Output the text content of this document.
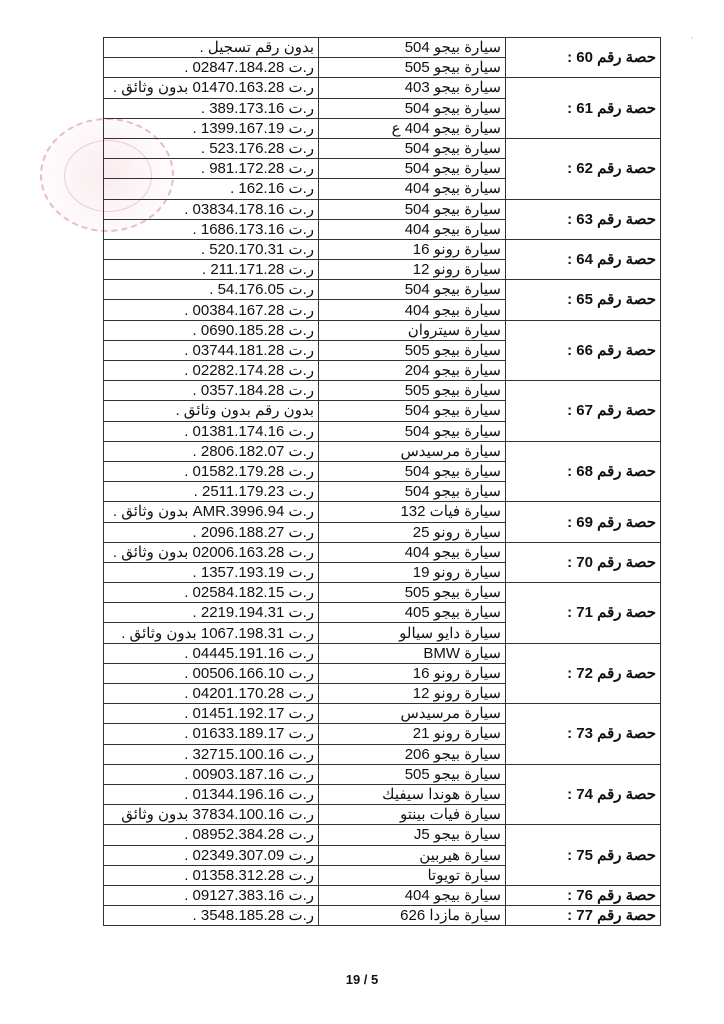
·
حصة رقم 60 :	سيارة بيجو 504	بدون رقم تسجيل .
	سيارة بيجو 505	ر.ت 02847.184.28 .
حصة رقم 61 :	سيارة بيجو 403	ر.ت 01470.163.28 بدون وثائق .
	سيارة بيجو 504	ر.ت 389.173.16 .
	سيارة بيجو 404 ع	ر.ت 1399.167.19 .
حصة رقم 62 :	سيارة بيجو 504	ر.ت 523.176.28 .
	سيارة بيجو 504	ر.ت 981.172.28 .
	سيارة بيجو 404	ر.ت 162.16 .
حصة رقم 63 :	سيارة بيجو 504	ر.ت 03834.178.16 .
	سيارة بيجو 404	ر.ت 1686.173.16 .
حصة رقم 64 :	سيارة رونو 16	ر.ت 520.170.31 .
	سيارة رونو 12	ر.ت 211.171.28 .
حصة رقم 65 :	سيارة بيجو 504	ر.ت 54.176.05 .
	سيارة بيجو 404	ر.ت 00384.167.28 .
حصة رقم 66 :	سيارة سيتروان	ر.ت 0690.185.28 .
	سيارة بيجو 505	ر.ت 03744.181.28 .
	سيارة بيجو 204	ر.ت 02282.174.28 .
حصة رقم 67 :	سيارة بيجو 505	ر.ت 0357.184.28 .
	سيارة بيجو 504	بدون رقم بدون وثائق .
	سيارة بيجو 504	ر.ت 01381.174.16 .
حصة رقم 68 :	سيارة مرسيدس	ر.ت 2806.182.07 .
	سيارة بيجو 504	ر.ت 01582.179.28 .
	سيارة بيجو 504	ر.ت 2511.179.23 .
حصة رقم 69 :	سيارة فيات 132	ر.ت AMR.3996.94 بدون وثائق .
	سيارة رونو 25	ر.ت 2096.188.27 .
حصة رقم 70 :	سيارة بيجو 404	ر.ت 02006.163.28 بدون وثائق .
	سيارة رونو 19	ر.ت 1357.193.19 .
حصة رقم 71 :	سيارة بيجو 505	ر.ت 02584.182.15 .
	سيارة بيجو 405	ر.ت 2219.194.31 .
	سيارة دايو سيالو	ر.ت 1067.198.31 بدون وثائق .
حصة رقم 72 :	سيارة BMW	ر.ت 04445.191.16 .
	سيارة رونو 16	ر.ت 00506.166.10 .
	سيارة رونو 12	ر.ت 04201.170.28 .
حصة رقم 73 :	سيارة مرسيدس	ر.ت 01451.192.17 .
	سيارة رونو 21	ر.ت 01633.189.17 .
	سيارة بيجو 206	ر.ت 32715.100.16 .
حصة رقم 74 :	سيارة بيجو 505	ر.ت 00903.187.16 .
	سيارة هوندا سيفيك	ر.ت 01344.196.16 .
	سيارة فيات بينتو	ر.ت 37834.100.16 بدون وثائق
حصة رقم 75 :	سيارة بيجو J5	ر.ت 08952.384.28 .
	سيارة هيربين	ر.ت 02349.307.09 .
	سيارة تويوتا	ر.ت 01358.312.28 .
حصة رقم 76 :	سيارة بيجو 404	ر.ت 09127.383.16 .
حصة رقم 77 :	سيارة مازدا 626	ر.ت 3548.185.28 .
19 / 5
